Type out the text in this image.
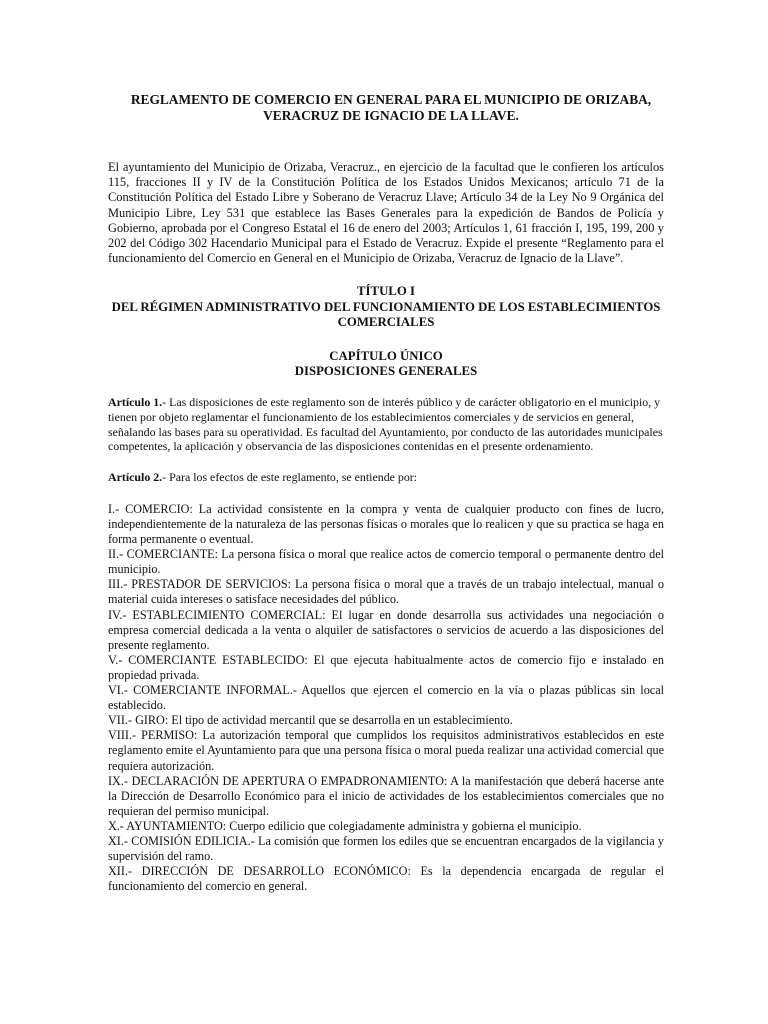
REGLAMENTO DE COMERCIO EN GENERAL PARA EL MUNICIPIO DE ORIZABA,
VERACRUZ DE IGNACIO DE LA LLAVE.

El ayuntamiento del Municipio de Orizaba, Veracruz., en ejercicio de la facultad que le confieren los artículos 115, fracciones II y IV de la Constitución Política de los Estados Unidos Mexicanos; artículo 71 de la Constitución Política del Estado Libre y Soberano de Veracruz Llave; Artículo 34 de la Ley No 9 Orgánica del Municipio Libre, Ley 531 que establece las Bases Generales para la expedición de Bandos de Policía y Gobierno, aprobada por el Congreso Estatal el 16 de enero del 2003; Artículos 1, 61 fracción I, 195, 199, 200 y 202 del Código 302 Hacendario Municipal para el Estado de Veracruz. Expide el presente “Reglamento para el funcionamiento del Comercio en General en el Municipio de Orizaba, Veracruz de Ignacio de la Llave”.

TÍTULO I
DEL RÉGIMEN ADMINISTRATIVO DEL FUNCIONAMIENTO DE LOS ESTABLECIMIENTOS
COMERCIALES
CAPÍTULO ÚNICO
DISPOSICIONES GENERALES

Artículo 1.- Las disposiciones de este reglamento son de interés público y de carácter obligatorio en el municipio, y tienen por objeto reglamentar el funcionamiento de los establecimientos comerciales y de servicios en general, señalando las bases para su operatividad. Es facultad del Ayuntamiento, por conducto de las autoridades municipales competentes, la aplicación y observancia de las disposiciones contenidas en el presente ordenamiento.

Artículo 2.- Para los efectos de este reglamento, se entiende por:

I.- COMERCIO: La actividad consistente en la compra y venta de cualquier producto con fines de lucro, independientemente de la naturaleza de las personas físicas o morales que lo realicen y que su practica se haga en forma permanente o eventual.
II.- COMERCIANTE: La persona física o moral que realice actos de comercio temporal o permanente dentro del municipio.
III.- PRESTADOR DE SERVICIOS: La persona física o moral que a través de un trabajo intelectual, manual o material cuida intereses o satisface necesidades del público.
IV.- ESTABLECIMIENTO COMERCIAL: El lugar en donde desarrolla sus actividades una negociación o empresa comercial dedicada a la venta o alquiler de satisfactores o servicios de acuerdo a las disposiciones del presente reglamento.
V.- COMERCIANTE ESTABLECIDO: El que ejecuta habitualmente actos de comercio fijo e instalado en propiedad privada.
VI.- COMERCIANTE INFORMAL.- Aquellos que ejercen el comercio en la vía o plazas públicas sin local establecido.
VII.- GIRO: El tipo de actividad mercantil que se desarrolla en un establecimiento.
VIII.- PERMISO: La autorización temporal que cumplidos los requisitos administrativos establecidos en este reglamento emite el Ayuntamiento para que una persona física o moral pueda realizar una actividad comercial que requiera autorización.
IX.- DECLARACIÓN DE APERTURA O EMPADRONAMIENTO: A la manifestación que deberá hacerse ante la Dirección de Desarrollo Económico para el inicio de actividades de los establecimientos comerciales que no requieran del permiso municipal.
X.- AYUNTAMIENTO: Cuerpo edilicio que colegiadamente administra y gobierna el municipio.
XI.- COMISIÓN EDILICIA.- La comisión que formen los ediles que se encuentran encargados de la vigilancia y supervisión del ramo.
XII.- DIRECCIÓN DE DESARROLLO ECONÓMICO: Es la dependencia encargada de regular el funcionamiento del comercio en general.
